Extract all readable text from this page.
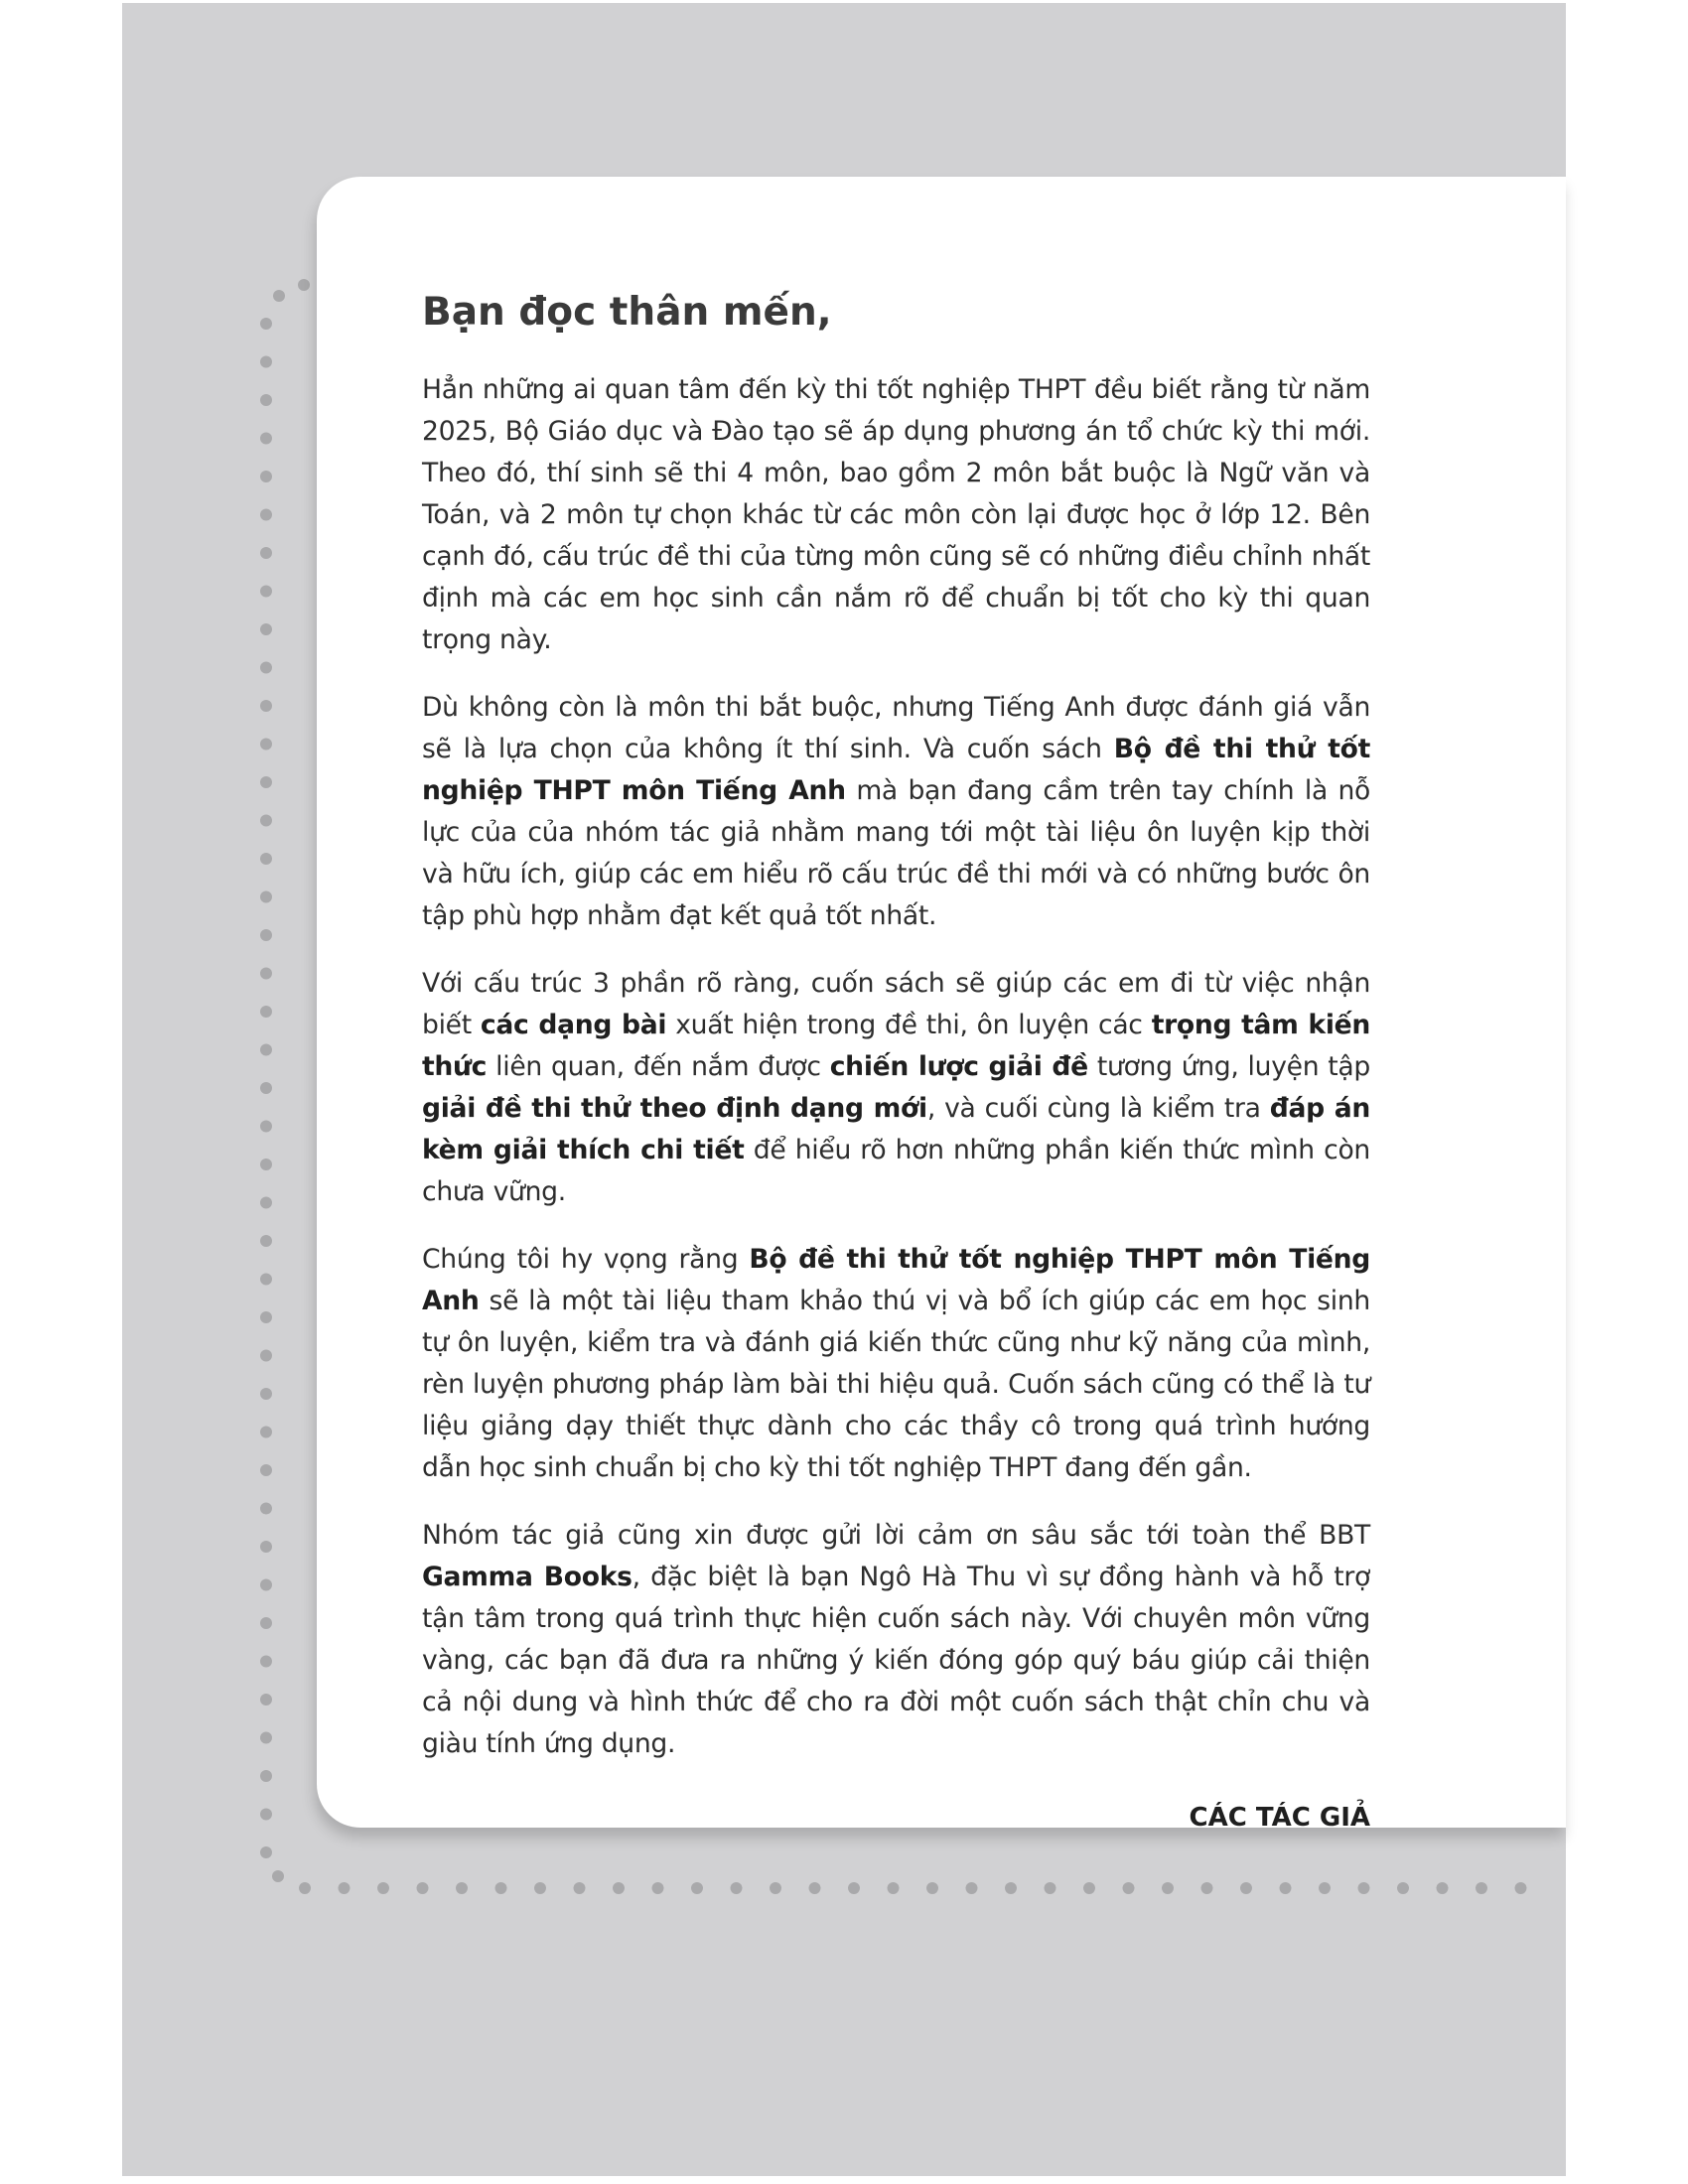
Bạn đọc thân mến,

Hẳn những ai quan tâm đến kỳ thi tốt nghiệp THPT đều biết rằng từ năm 2025, Bộ Giáo dục và Đào tạo sẽ áp dụng phương án tổ chức kỳ thi mới. Theo đó, thí sinh sẽ thi 4 môn, bao gồm 2 môn bắt buộc là Ngữ văn và Toán, và 2 môn tự chọn khác từ các môn còn lại được học ở lớp 12. Bên cạnh đó, cấu trúc đề thi của từng môn cũng sẽ có những điều chỉnh nhất định mà các em học sinh cần nắm rõ để chuẩn bị tốt cho kỳ thi quan trọng này.

Dù không còn là môn thi bắt buộc, nhưng Tiếng Anh được đánh giá vẫn sẽ là lựa chọn của không ít thí sinh. Và cuốn sách Bộ đề thi thử tốt nghiệp THPT môn Tiếng Anh mà bạn đang cầm trên tay chính là nỗ lực của của nhóm tác giả nhằm mang tới một tài liệu ôn luyện kịp thời và hữu ích, giúp các em hiểu rõ cấu trúc đề thi mới và có những bước ôn tập phù hợp nhằm đạt kết quả tốt nhất.

Với cấu trúc 3 phần rõ ràng, cuốn sách sẽ giúp các em đi từ việc nhận biết các dạng bài xuất hiện trong đề thi, ôn luyện các trọng tâm kiến thức liên quan, đến nắm được chiến lược giải đề tương ứng, luyện tập giải đề thi thử theo định dạng mới, và cuối cùng là kiểm tra đáp án kèm giải thích chi tiết để hiểu rõ hơn những phần kiến thức mình còn chưa vững.

Chúng tôi hy vọng rằng Bộ đề thi thử tốt nghiệp THPT môn Tiếng Anh sẽ là một tài liệu tham khảo thú vị và bổ ích giúp các em học sinh tự ôn luyện, kiểm tra và đánh giá kiến thức cũng như kỹ năng của mình, rèn luyện phương pháp làm bài thi hiệu quả. Cuốn sách cũng có thể là tư liệu giảng dạy thiết thực dành cho các thầy cô trong quá trình hướng dẫn học sinh chuẩn bị cho kỳ thi tốt nghiệp THPT đang đến gần.

Nhóm tác giả cũng xin được gửi lời cảm ơn sâu sắc tới toàn thể BBT Gamma Books, đặc biệt là bạn Ngô Hà Thu vì sự đồng hành và hỗ trợ tận tâm trong quá trình thực hiện cuốn sách này. Với chuyên môn vững vàng, các bạn đã đưa ra những ý kiến đóng góp quý báu giúp cải thiện cả nội dung và hình thức để cho ra đời một cuốn sách thật chỉn chu và giàu tính ứng dụng.

CÁC TÁC GIẢ
